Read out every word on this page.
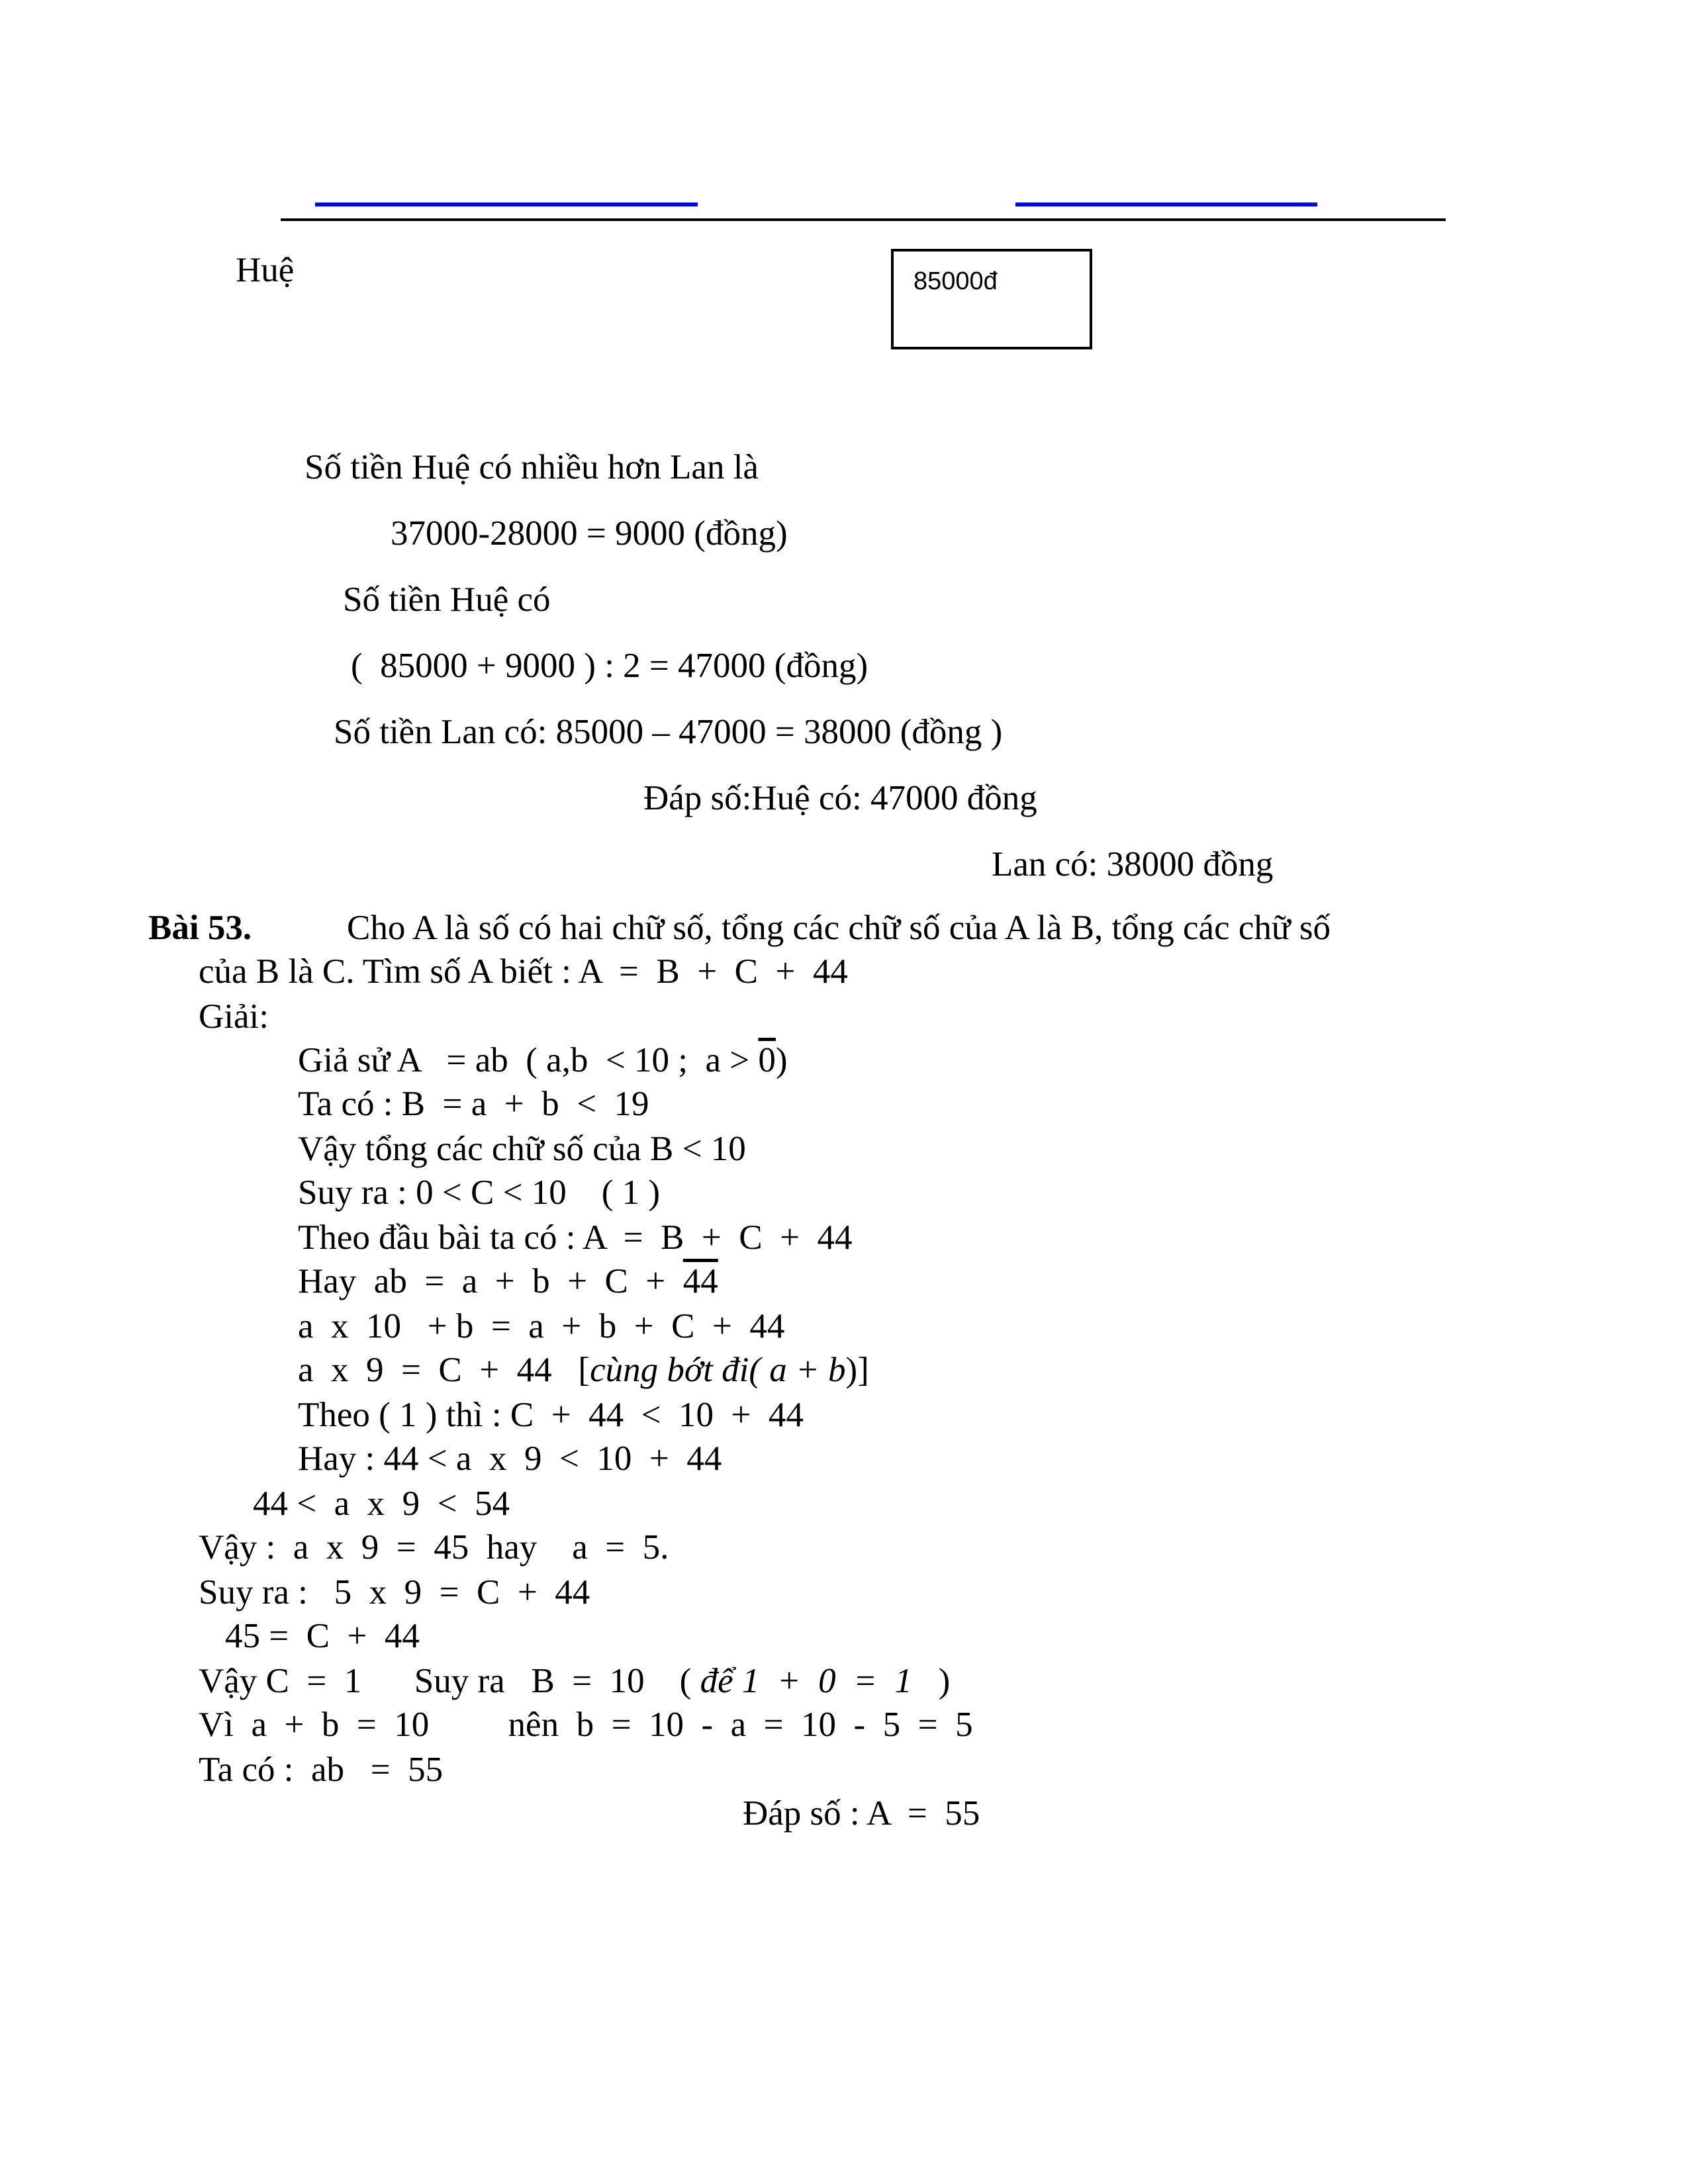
Huệ	85000đ
Số tiền Huệ có nhiều hơn Lan là
37000-28000 = 9000 (đồng)
Số tiền Huệ có
(  85000 + 9000 ) : 2 = 47000 (đồng)
Số tiền Lan có: 85000 – 47000 = 38000 (đồng )
Đáp số:Huệ có: 47000 đồng
Lan có: 38000 đồng
Bài 53.	Cho A là số có hai chữ số, tổng các chữ số của A là B, tổng các chữ số
của B là C. Tìm số A biết : A  =  B  +  C  +  44
Giải:
Giả sử A   = ab  ( a,b  < 10 ;  a > 0)
Ta có : B  = a  +  b  <  19
Vậy tổng các chữ số của B < 10
Suy ra : 0 < C < 10    ( 1 )
Theo đầu bài ta có : A  =  B  +  C  +  44
Hay  ab  =  a  +  b  +  C  +  44
a  x  10   + b  =  a  +  b  +  C  +  44
a  x  9  =  C  +  44   [cùng bớt đi( a + b)]
Theo ( 1 ) thì : C  +  44  <  10  +  44
Hay : 44 < a  x  9  <  10  +  44
44 <  a  x  9  <  54
Vậy :  a  x  9  =  45  hay    a  =  5.
Suy ra :   5  x  9  =  C  +  44
45 =  C  +  44
Vậy C  =  1      Suy ra   B  =  10    ( để 1  +  0  =  1   )
Vì  a  +  b  =  10         nên  b  =  10  -  a  =  10  -  5  =  5
Ta có :  ab   =  55
Đáp số : A  =  55
